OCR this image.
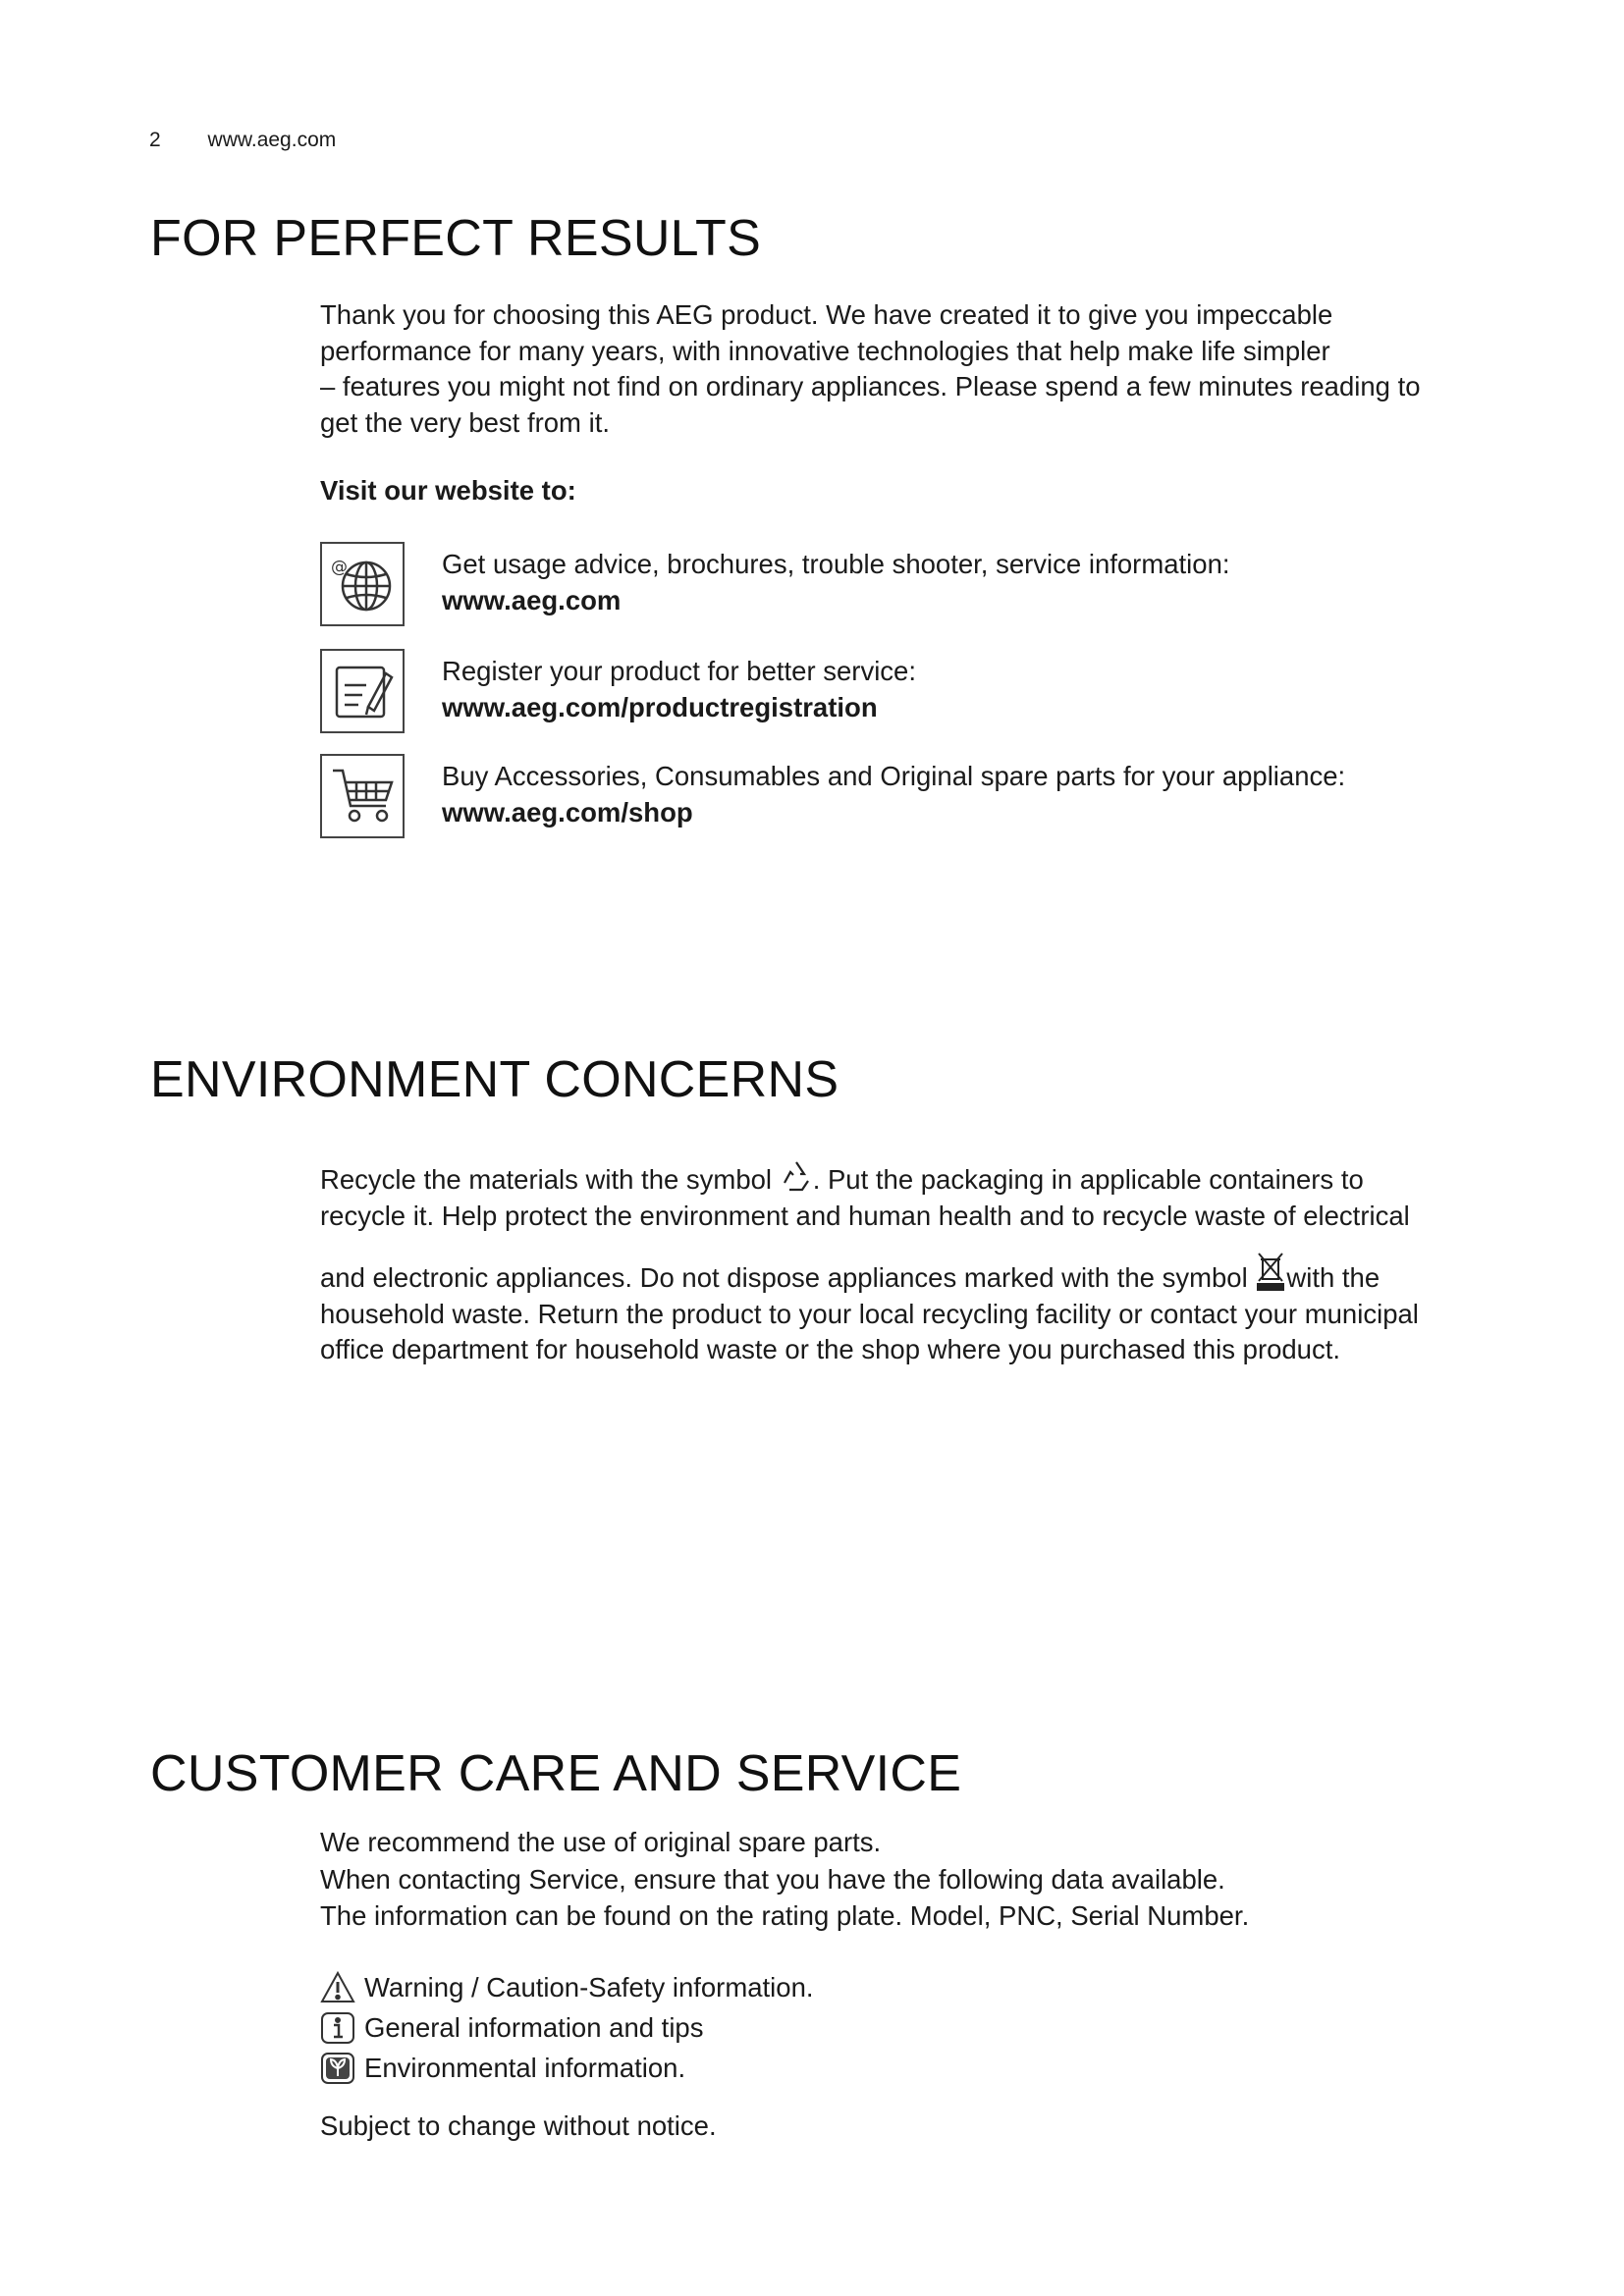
2 www.aeg.com
FOR PERFECT RESULTS

Thank you for choosing this AEG product. We have created it to give you impeccable

performance for many years, with innovative technologies that help make life simpler

– features you might not find on ordinary appliances. Please spend a few minutes reading to

get the very best from it.

Visit our website to:
@	Get usage advice, brochures, trouble shooter, service information:
www.aeg.com
Register your product for better service:
www.aeg.com/productregistration
Buy Accessories, Consumables and Original spare parts for your appliance:
www.aeg.com/shop
ENVIRONMENT CONCERNS

Recycle the materials with the symbol . Put the packaging in applicable containers to

recycle it. Help protect the environment and human health and to recycle waste of electrical

and electronic appliances. Do not dispose appliances marked with the symbol with the

household waste. Return the product to your local recycling facility or contact your municipal

office department for household waste or the shop where you purchased this product.

CUSTOMER CARE AND SERVICE

We recommend the use of original spare parts.

When contacting Service, ensure that you have the following data available.

The information can be found on the rating plate. Model, PNC, Serial Number.

Warning / Caution-Safety information.
General information and tips
Environmental information.
Subject to change without notice.
